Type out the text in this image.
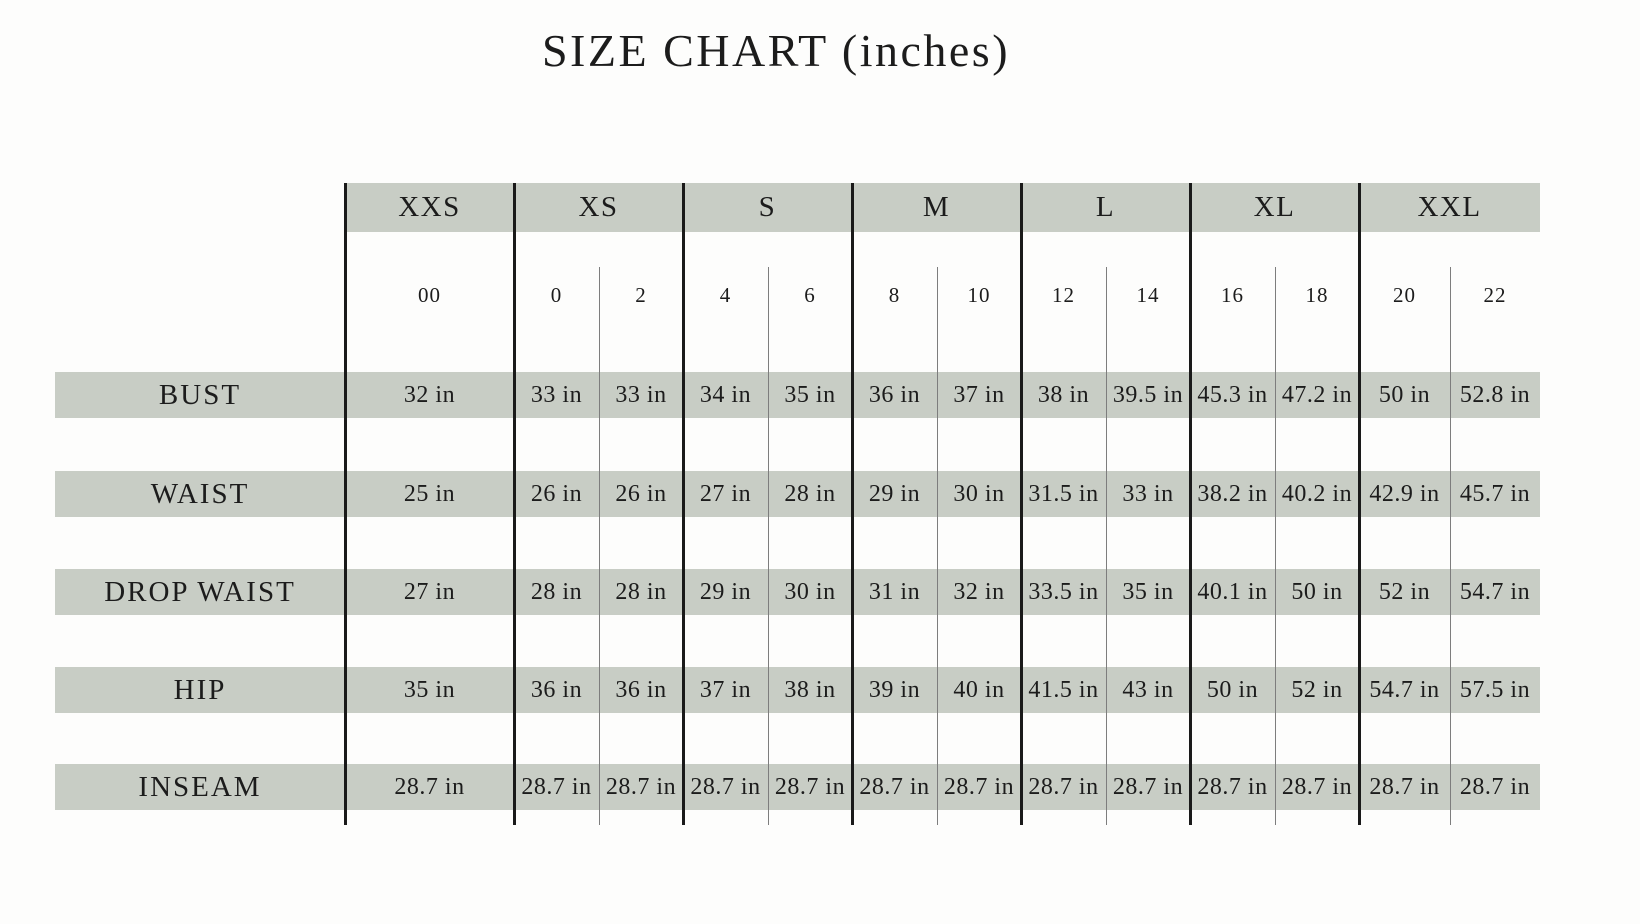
SIZE CHART (inches)
XXS	XS	S	M	L	XL	XXL
00	0	2	4	6	8	10	12	14	16	18	20	22
BUST	32 in	33 in	33 in	34 in	35 in	36 in	37 in	38 in 39.5 in 45.3 in 47.2 in	50 in	52.8 in
WAIST	25 in	26 in	26 in	27 in	28 in	29 in	30 in 31.5 in 33 in 38.2 in 40.2 in 42.9 in 45.7 in
DROP WAIST	27 in	28 in	28 in	29 in	30 in	31 in	32 in 33.5 in 35 in 40.1 in 50 in	52 in	54.7 in
HIP	35 in	36 in	36 in	37 in	38 in	39 in	40 in 41.5 in 43 in	50 in	52 in	54.7 in 57.5 in
INSEAM	28.7 in	28.7 in 28.7 in 28.7 in 28.7 in 28.7 in 28.7 in 28.7 in 28.7 in 28.7 in 28.7 in 28.7 in 28.7 in
